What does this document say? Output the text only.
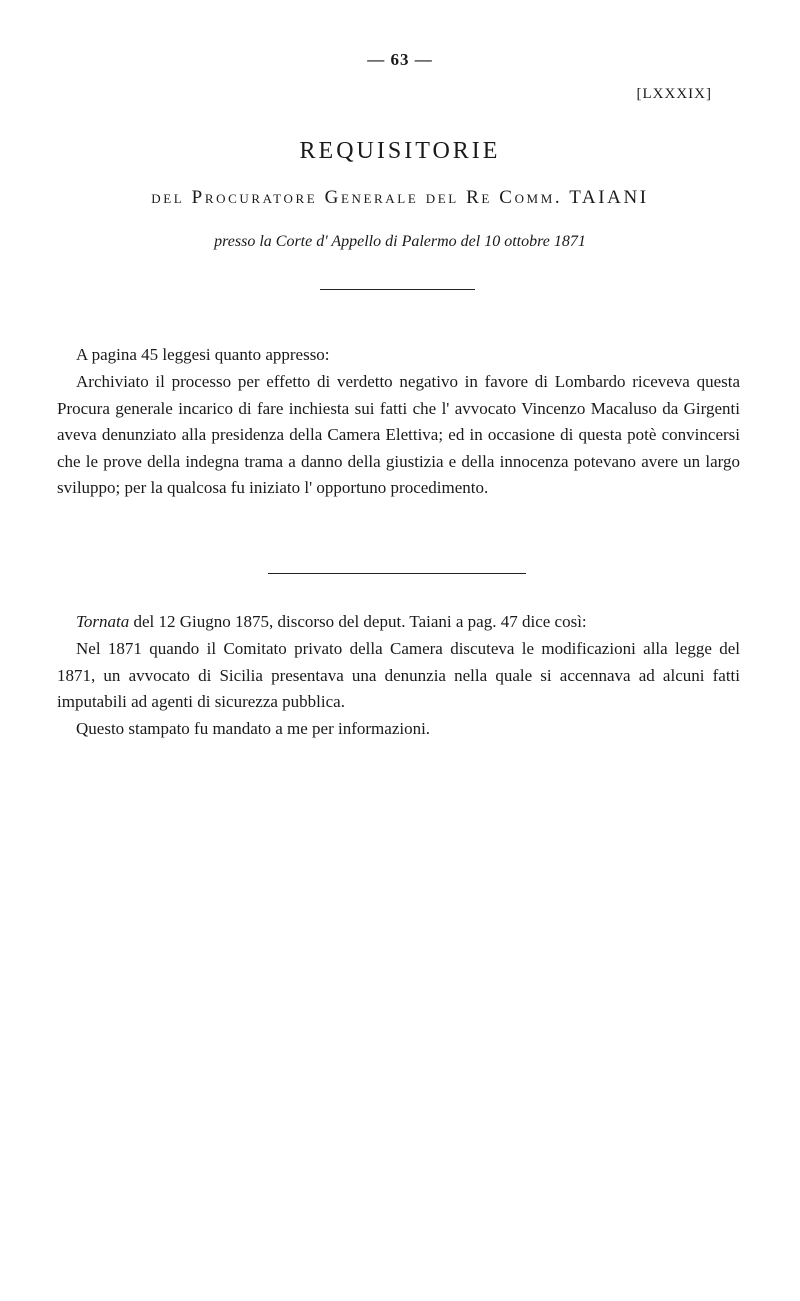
— 63 —
[LXXXIX]
REQUISITORIE
del Procuratore Generale del Re Comm. TAIANI
presso la Corte d' Appello di Palermo del 10 ottobre 1871

A pagina 45 leggesi quanto appresso:

Archiviato il processo per effetto di verdetto negativo in favore di Lombardo riceveva questa Procura generale incarico di fare inchiesta sui fatti che l' avvocato Vincenzo Macaluso da Girgenti aveva denunziato alla presidenza della Camera Elettiva; ed in occasione di questa potè convincersi che le prove della indegna trama a danno della giustizia e della innocenza potevano avere un largo sviluppo; per la qualcosa fu iniziato l' opportuno procedimento.

Tornata del 12 Giugno 1875, discorso del deput. Taiani a pag. 47 dice così:

Nel 1871 quando il Comitato privato della Camera discuteva le modificazioni alla legge del 1871, un avvocato di Sicilia presentava una denunzia nella quale si accennava ad alcuni fatti imputabili ad agenti di sicurezza pubblica.

Questo stampato fu mandato a me per informazioni.
